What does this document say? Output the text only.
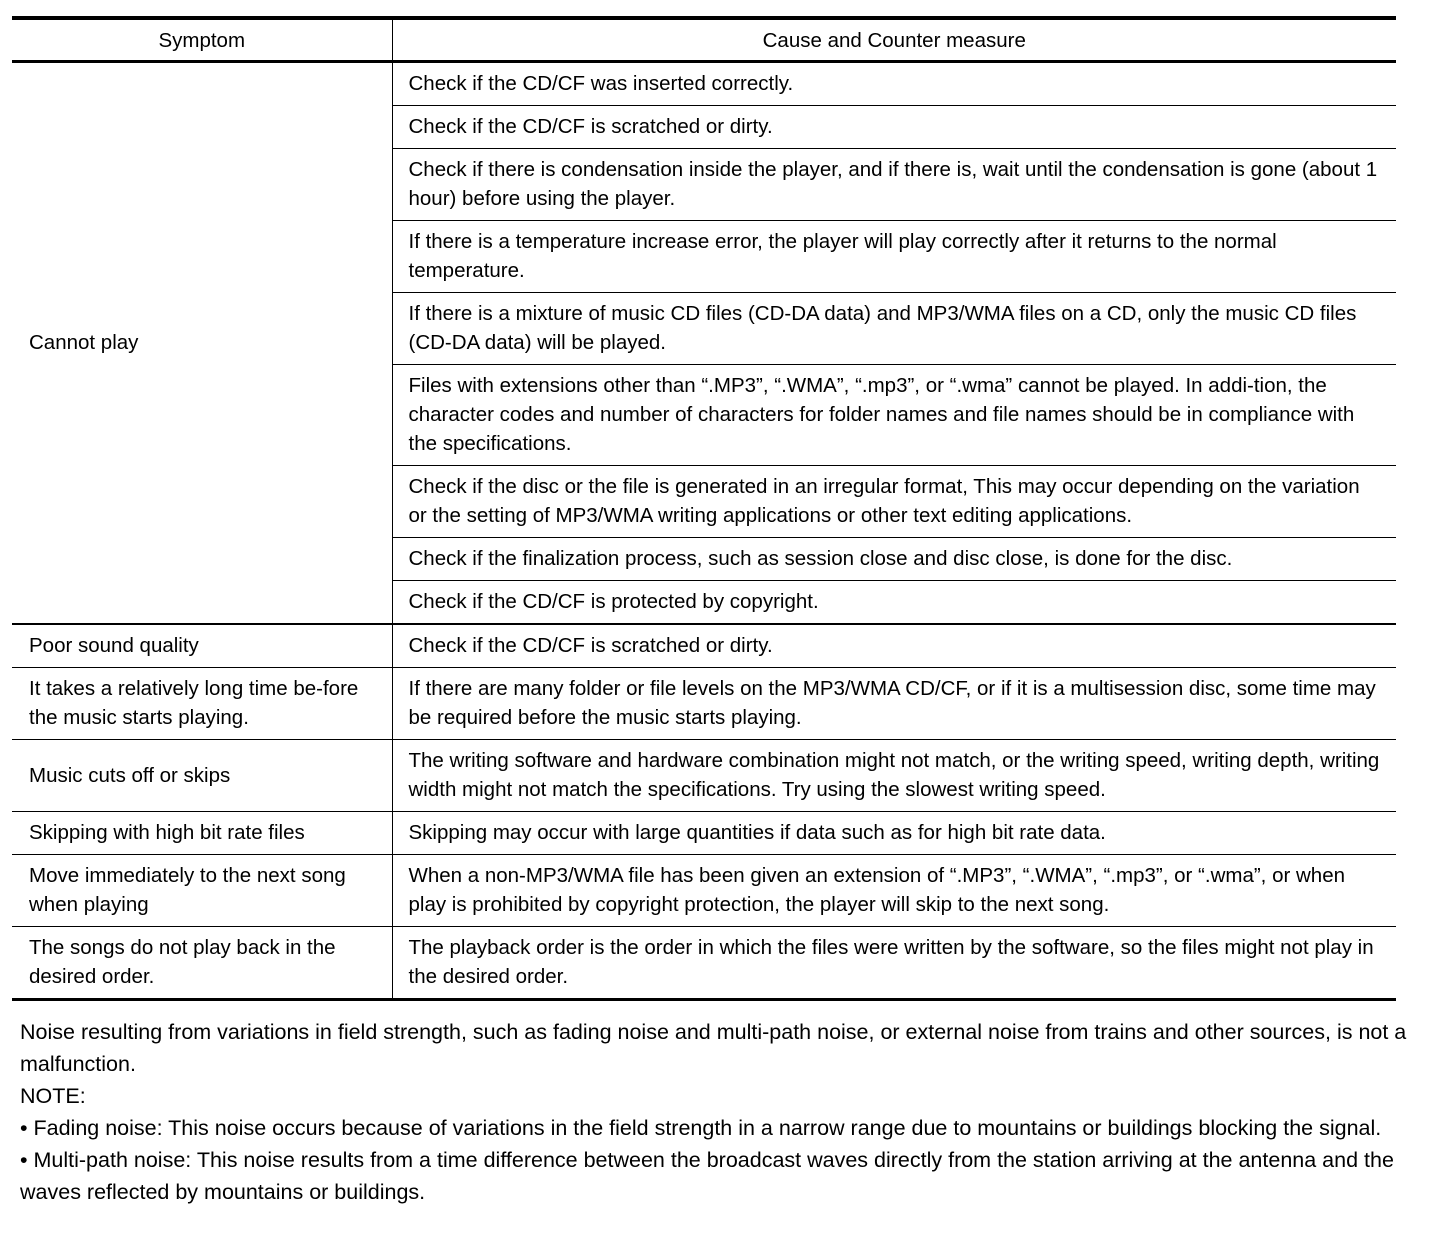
Symptom	Cause and Counter measure
Cannot play	Check if the CD/CF was inserted correctly.
	Check if the CD/CF is scratched or dirty.
	Check if there is condensation inside the player, and if there is, wait until the condensation is gone (about 1 hour) before using the player.
	If there is a temperature increase error, the player will play correctly after it returns to the normal temperature.
	If there is a mixture of music CD files (CD-DA data) and MP3/WMA files on a CD, only the music CD files (CD-DA data) will be played.
	Files with extensions other than “.MP3”, “.WMA”, “.mp3”, or “.wma” cannot be played. In addi-tion, the character codes and number of characters for folder names and file names should be in compliance with the specifications.
	Check if the disc or the file is generated in an irregular format, This may occur depending on the variation or the setting of MP3/WMA writing applications or other text editing applications.
	Check if the finalization process, such as session close and disc close, is done for the disc.
	Check if the CD/CF is protected by copyright.
Poor sound quality	Check if the CD/CF is scratched or dirty.
It takes a relatively long time be-fore the music starts playing.	If there are many folder or file levels on the MP3/WMA CD/CF, or if it is a multisession disc, some time may be required before the music starts playing.
Music cuts off or skips	The writing software and hardware combination might not match, or the writing speed, writing depth, writing width might not match the specifications. Try using the slowest writing speed.
Skipping with high bit rate files	Skipping may occur with large quantities if data such as for high bit rate data.
Move immediately to the next song when playing	When a non-MP3/WMA file has been given an extension of “.MP3”, “.WMA”, “.mp3”, or “.wma”, or when play is prohibited by copyright protection, the player will skip to the next song.
The songs do not play back in the desired order.	The playback order is the order in which the files were written by the software, so the files might not play in the desired order.

Noise resulting from variations in field strength, such as fading noise and multi-path noise, or external noise from trains and other sources, is not a malfunction.

NOTE:

• Fading noise: This noise occurs because of variations in the field strength in a narrow range due to mountains or buildings blocking the signal.

• Multi-path noise: This noise results from a time difference between the broadcast waves directly from the station arriving at the antenna and the waves reflected by mountains or buildings.
